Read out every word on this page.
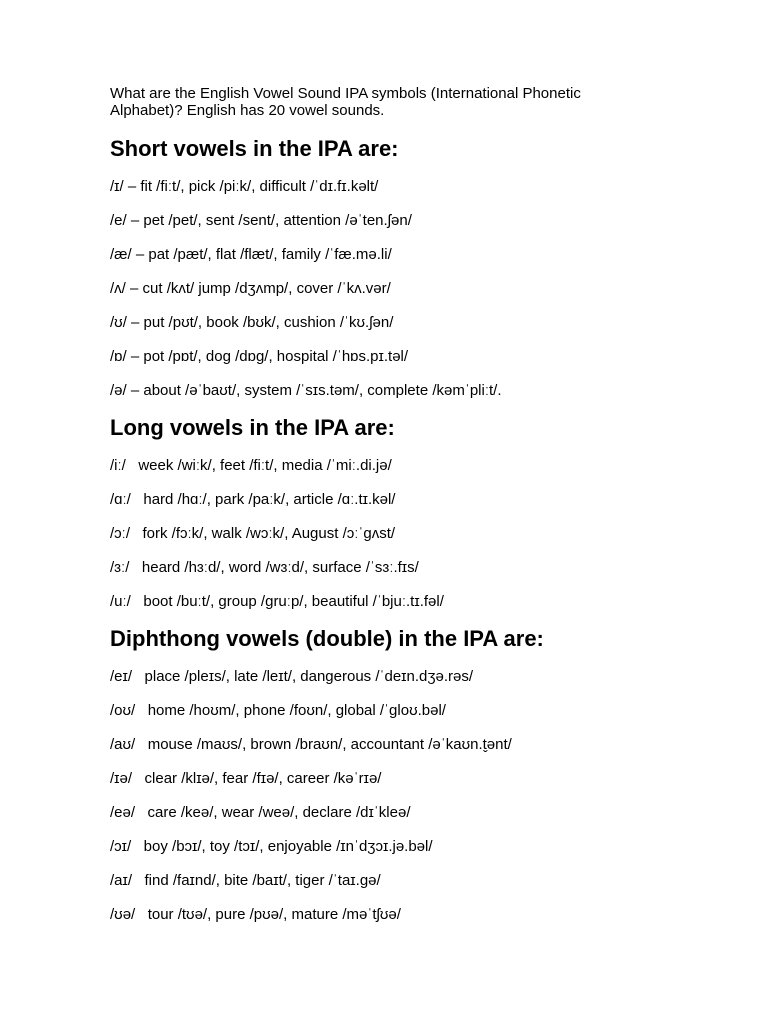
What are the English Vowel Sound IPA symbols (International Phonetic Alphabet)? English has 20 vowel sounds.
Short vowels in the IPA are:
/ɪ/ – fit /fiːt/, pick /piːk/, difficult /ˈdɪ.fɪ.kəlt/
/e/ – pet /pet/, sent /sent/, attention /əˈten.ʃən/
/æ/ – pat /pæt/, flat /flæt/, family /ˈfæ.mə.li/
/ʌ/ – cut /kʌt/ jump /dʒʌmp/, cover /ˈkʌ.vər/
/ʊ/ – put /pʊt/, book /bʊk/, cushion /ˈkʊ.ʃən/
/ɒ/ – pot /pɒt/, dog /dɒg/, hospital /ˈhɒs.pɪ.təl/
/ə/ – about /əˈbaʊt/, system /ˈsɪs.təm/, complete /kəmˈpliːt/.
Long vowels in the IPA are:
/iː/   week /wiːk/, feet /fiːt/, media /ˈmiː.di.jə/
/ɑː/   hard /hɑː/, park /paːk/, article /ɑː.tɪ.kəl/
/ɔː/   fork /fɔːk/, walk /wɔːk/, August /ɔːˈgʌst/
/ɜː/   heard /hɜːd/, word /wɜːd/, surface /ˈsɜː.fɪs/
/uː/   boot /buːt/, group /gruːp/, beautiful /ˈbjuː.tɪ.fəl/
Diphthong vowels (double) in the IPA are:
/eɪ/   place /pleɪs/, late /leɪt/, dangerous /ˈdeɪn.dʒə.rəs/
/oʊ/   home /hoʊm/, phone /foʊn/, global /ˈgloʊ.bəl/
/aʊ/   mouse /maʊs/, brown /braʊn/, accountant /əˈkaʊn.t̬ənt/
/ɪə/   clear /klɪə/, fear /fɪə/, career /kəˈrɪə/
/eə/   care /keə/, wear /weə/, declare /dɪˈkleə/
/ɔɪ/   boy /bɔɪ/, toy /tɔɪ/, enjoyable /ɪnˈdʒɔɪ.jə.bəl/
/aɪ/   find /faɪnd/, bite /baɪt/, tiger /ˈtaɪ.gə/
/ʊə/   tour /tʊə/, pure /pʊə/, mature /məˈtʃʊə/
